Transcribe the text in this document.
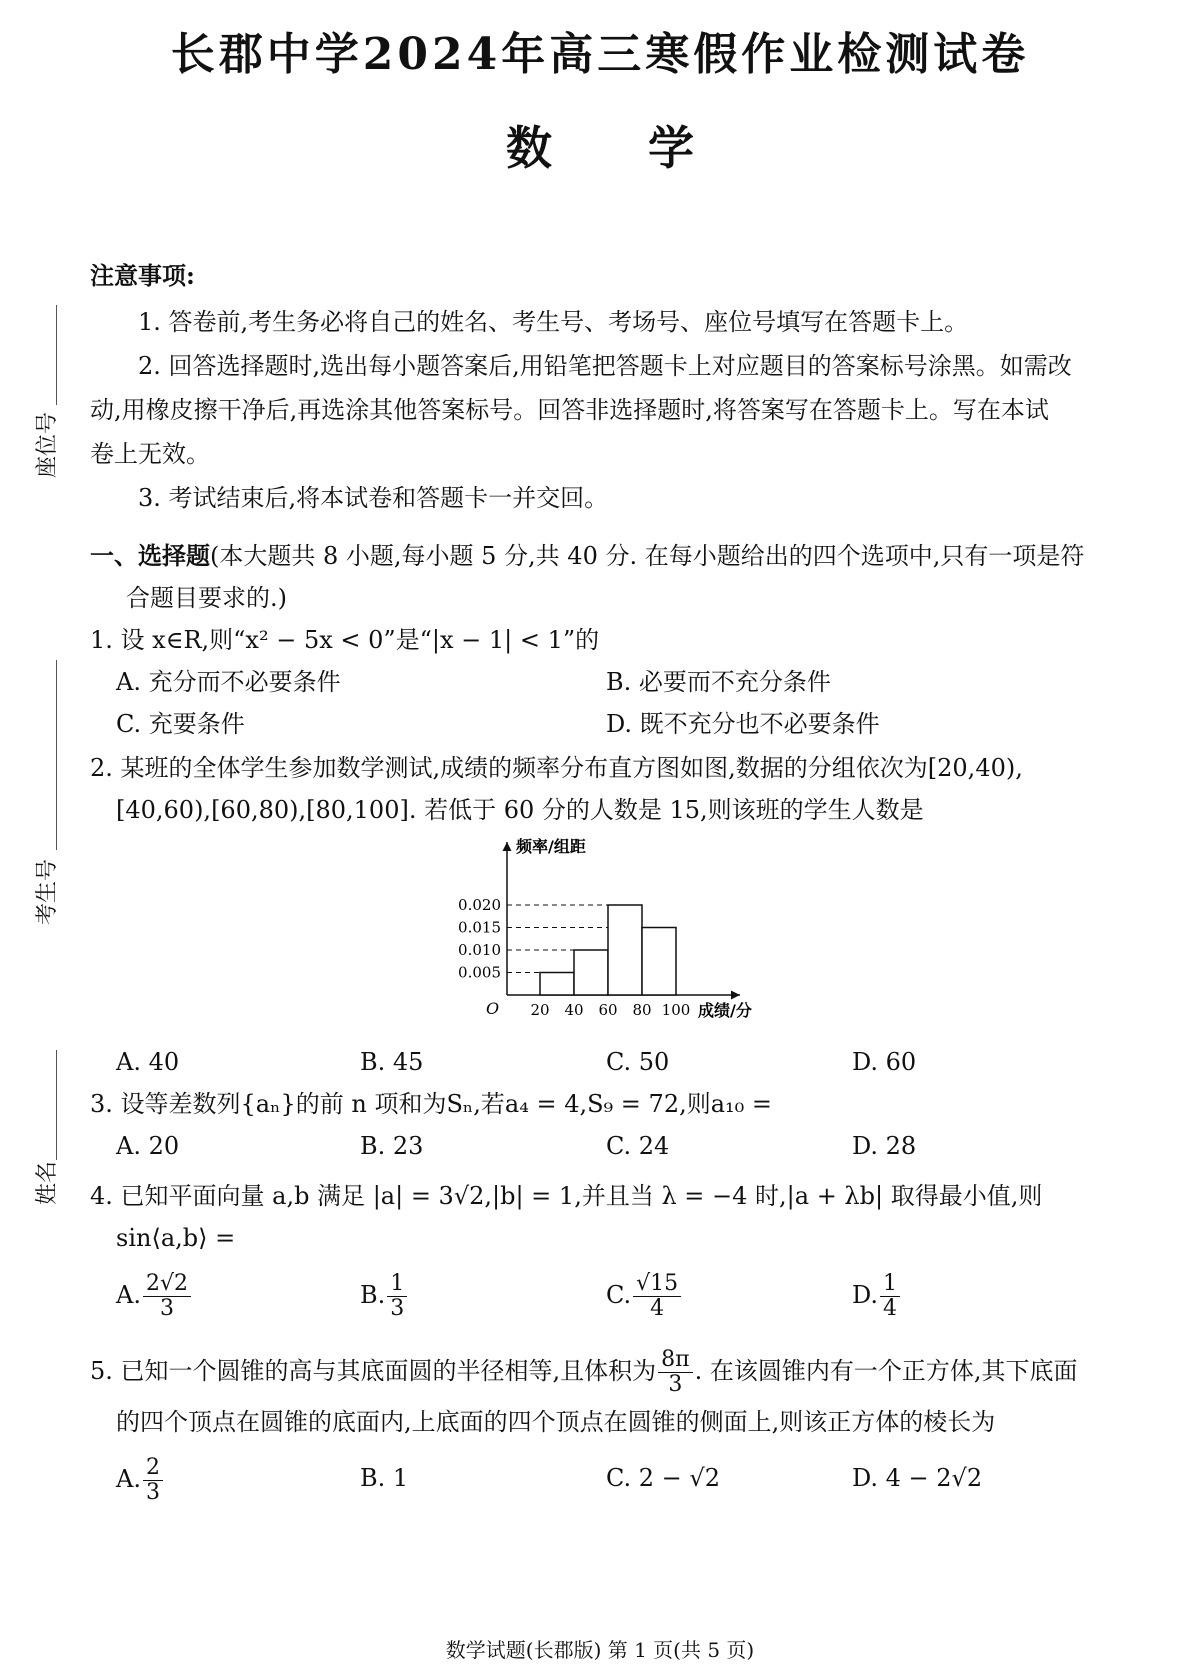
长郡中学2024年高三寒假作业检测试卷
数 学
座位号
考生号
姓名
注意事项:
1. 答卷前,考生务必将自己的姓名、考生号、考场号、座位号填写在答题卡上。
2. 回答选择题时,选出每小题答案后,用铅笔把答题卡上对应题目的答案标号涂黑。如需改
动,用橡皮擦干净后,再选涂其他答案标号。回答非选择题时,将答案写在答题卡上。写在本试
卷上无效。
3. 考试结束后,将本试卷和答题卡一并交回。
一、选择题(本大题共 8 小题,每小题 5 分,共 40 分. 在每小题给出的四个选项中,只有一项是符
合题目要求的.)
1. 设 x∈R,则“x² − 5x < 0”是“|x − 1| < 1”的
A. 充分而不必要条件	B. 必要而不充分条件
C. 充要条件	D. 既不充分也不必要条件
2. 某班的全体学生参加数学测试,成绩的频率分布直方图如图,数据的分组依次为[20,40),
[40,60),[60,80),[80,100]. 若低于 60 分的人数是 15,则该班的学生人数是
0.005
0.010
0.015
0.020
20 40 60 80 100
频率/组距
成绩/分
O
A. 40	B. 45	C. 50	D. 60
3. 设等差数列{aₙ}的前 n 项和为Sₙ,若a₄ = 4,S₉ = 72,则a₁₀ =
A. 20	B. 23	C. 24	D. 28
4. 已知平面向量 a,b 满足 |a| = 3√2,|b| = 1,并且当 λ = −4 时,|a + λb| 取得最小值,则
sin⟨a,b⟩ =
A. $\frac{2√2}{3}$	B. $\frac{1}{3}$	C. $\frac{√15}{4}$	D. $\frac{1}{4}$
5. 已知一个圆锥的高与其底面圆的半径相等,且体积为 $\frac{8\pi}{3}$ . 在该圆锥内有一个正方体,其下底面
的四个顶点在圆锥的底面内,上底面的四个顶点在圆锥的侧面上,则该正方体的棱长为
A. $\frac{2}{3}$	B. 1	C. 2 − √2	D. 4 − 2√2
数学试题(长郡版) 第 1 页(共 5 页)
